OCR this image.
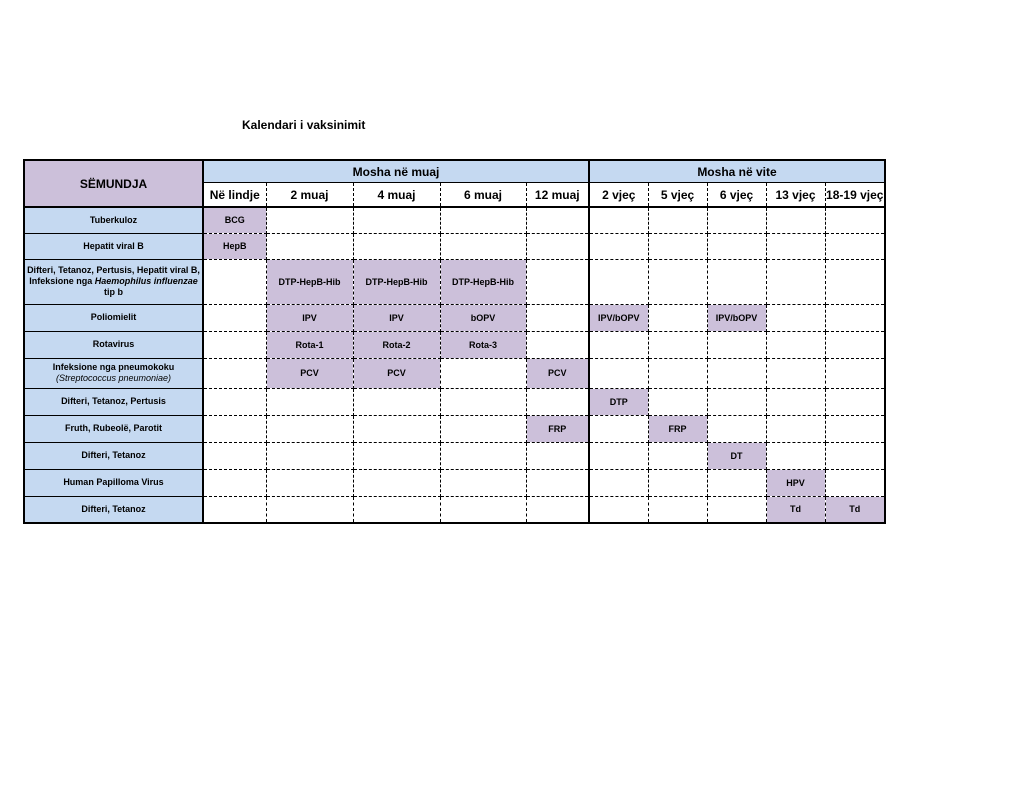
Kalendari i vaksinimit
SËMUNDJA	Mosha në muaj					Mosha në vite				
	Në lindje	2 muaj	4 muaj	6 muaj	12 muaj	2 vjeç	5 vjeç	6 vjeç	13 vjeç	18-19 vjeç
Tuberkuloz	BCG									
Hepatit viral B	HepB									
Difteri, Tetanoz, Pertusis, Hepatit viral B, Infeksione nga Haemophilus influenzae tip b		DTP-HepB-Hib	DTP-HepB-Hib	DTP-HepB-Hib						
Poliomielit		IPV	IPV	bOPV		IPV/bOPV		IPV/bOPV		
Rotavirus		Rota-1	Rota-2	Rota-3						

Infeksione nga pneumokoku
(Streptococcus pneumoniae)		PCV	PCV		PCV					
Difteri, Tetanoz, Pertusis						DTP				
Fruth, Rubeolë, Parotit					FRP		FRP			
Difteri, Tetanoz								DT		
Human Papilloma Virus									HPV	
Difteri, Tetanoz									Td	Td
